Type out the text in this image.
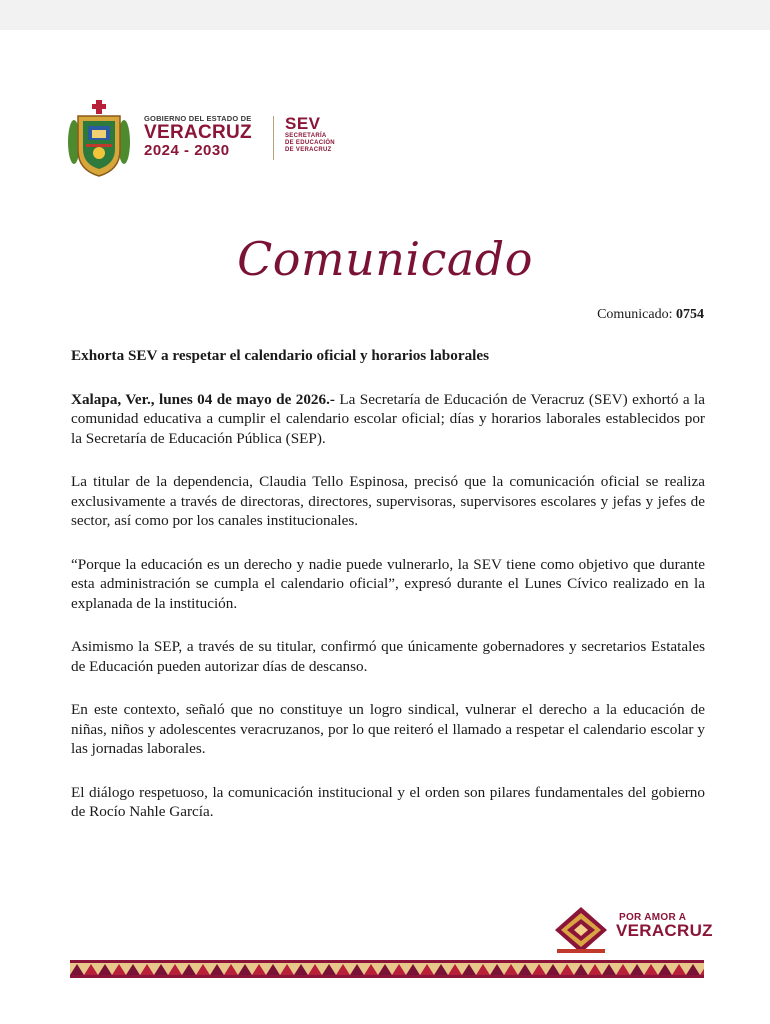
GOBIERNO DEL ESTADO DE
VERACRUZ
2024 - 2030
SEV
SECRETARÍA
DE EDUCACIÓN
DE VERACRUZ
Comunicado
Comunicado: 0754

Exhorta SEV a respetar el calendario oficial y horarios laborales

Xalapa, Ver., lunes 04 de mayo de 2026.- La Secretaría de Educación de Veracruz (SEV) exhortó a la comunidad educativa a cumplir el calendario escolar oficial; días y horarios laborales establecidos por la Secretaría de Educación Pública (SEP).

La titular de la dependencia, Claudia Tello Espinosa, precisó que la comunicación oficial se realiza exclusivamente a través de directoras, directores, supervisoras, supervisores escolares y jefas y jefes de sector, así como por los canales institucionales.

“Porque la educación es un derecho y nadie puede vulnerarlo, la SEV tiene como objetivo que durante esta administración se cumpla el calendario oficial”, expresó durante el Lunes Cívico realizado en la explanada de la institución.

Asimismo la SEP, a través de su titular, confirmó que únicamente gobernadores y secretarios Estatales de Educación pueden autorizar días de descanso.

En este contexto, señaló que no constituye un logro sindical, vulnerar el derecho a la educación de niñas, niños y adolescentes veracruzanos, por lo que reiteró el llamado a respetar el calendario escolar y las jornadas laborales.

El diálogo respetuoso, la comunicación institucional y el orden son pilares fundamentales del gobierno de Rocío Nahle García.

POR AMOR A
VERACRUZ
